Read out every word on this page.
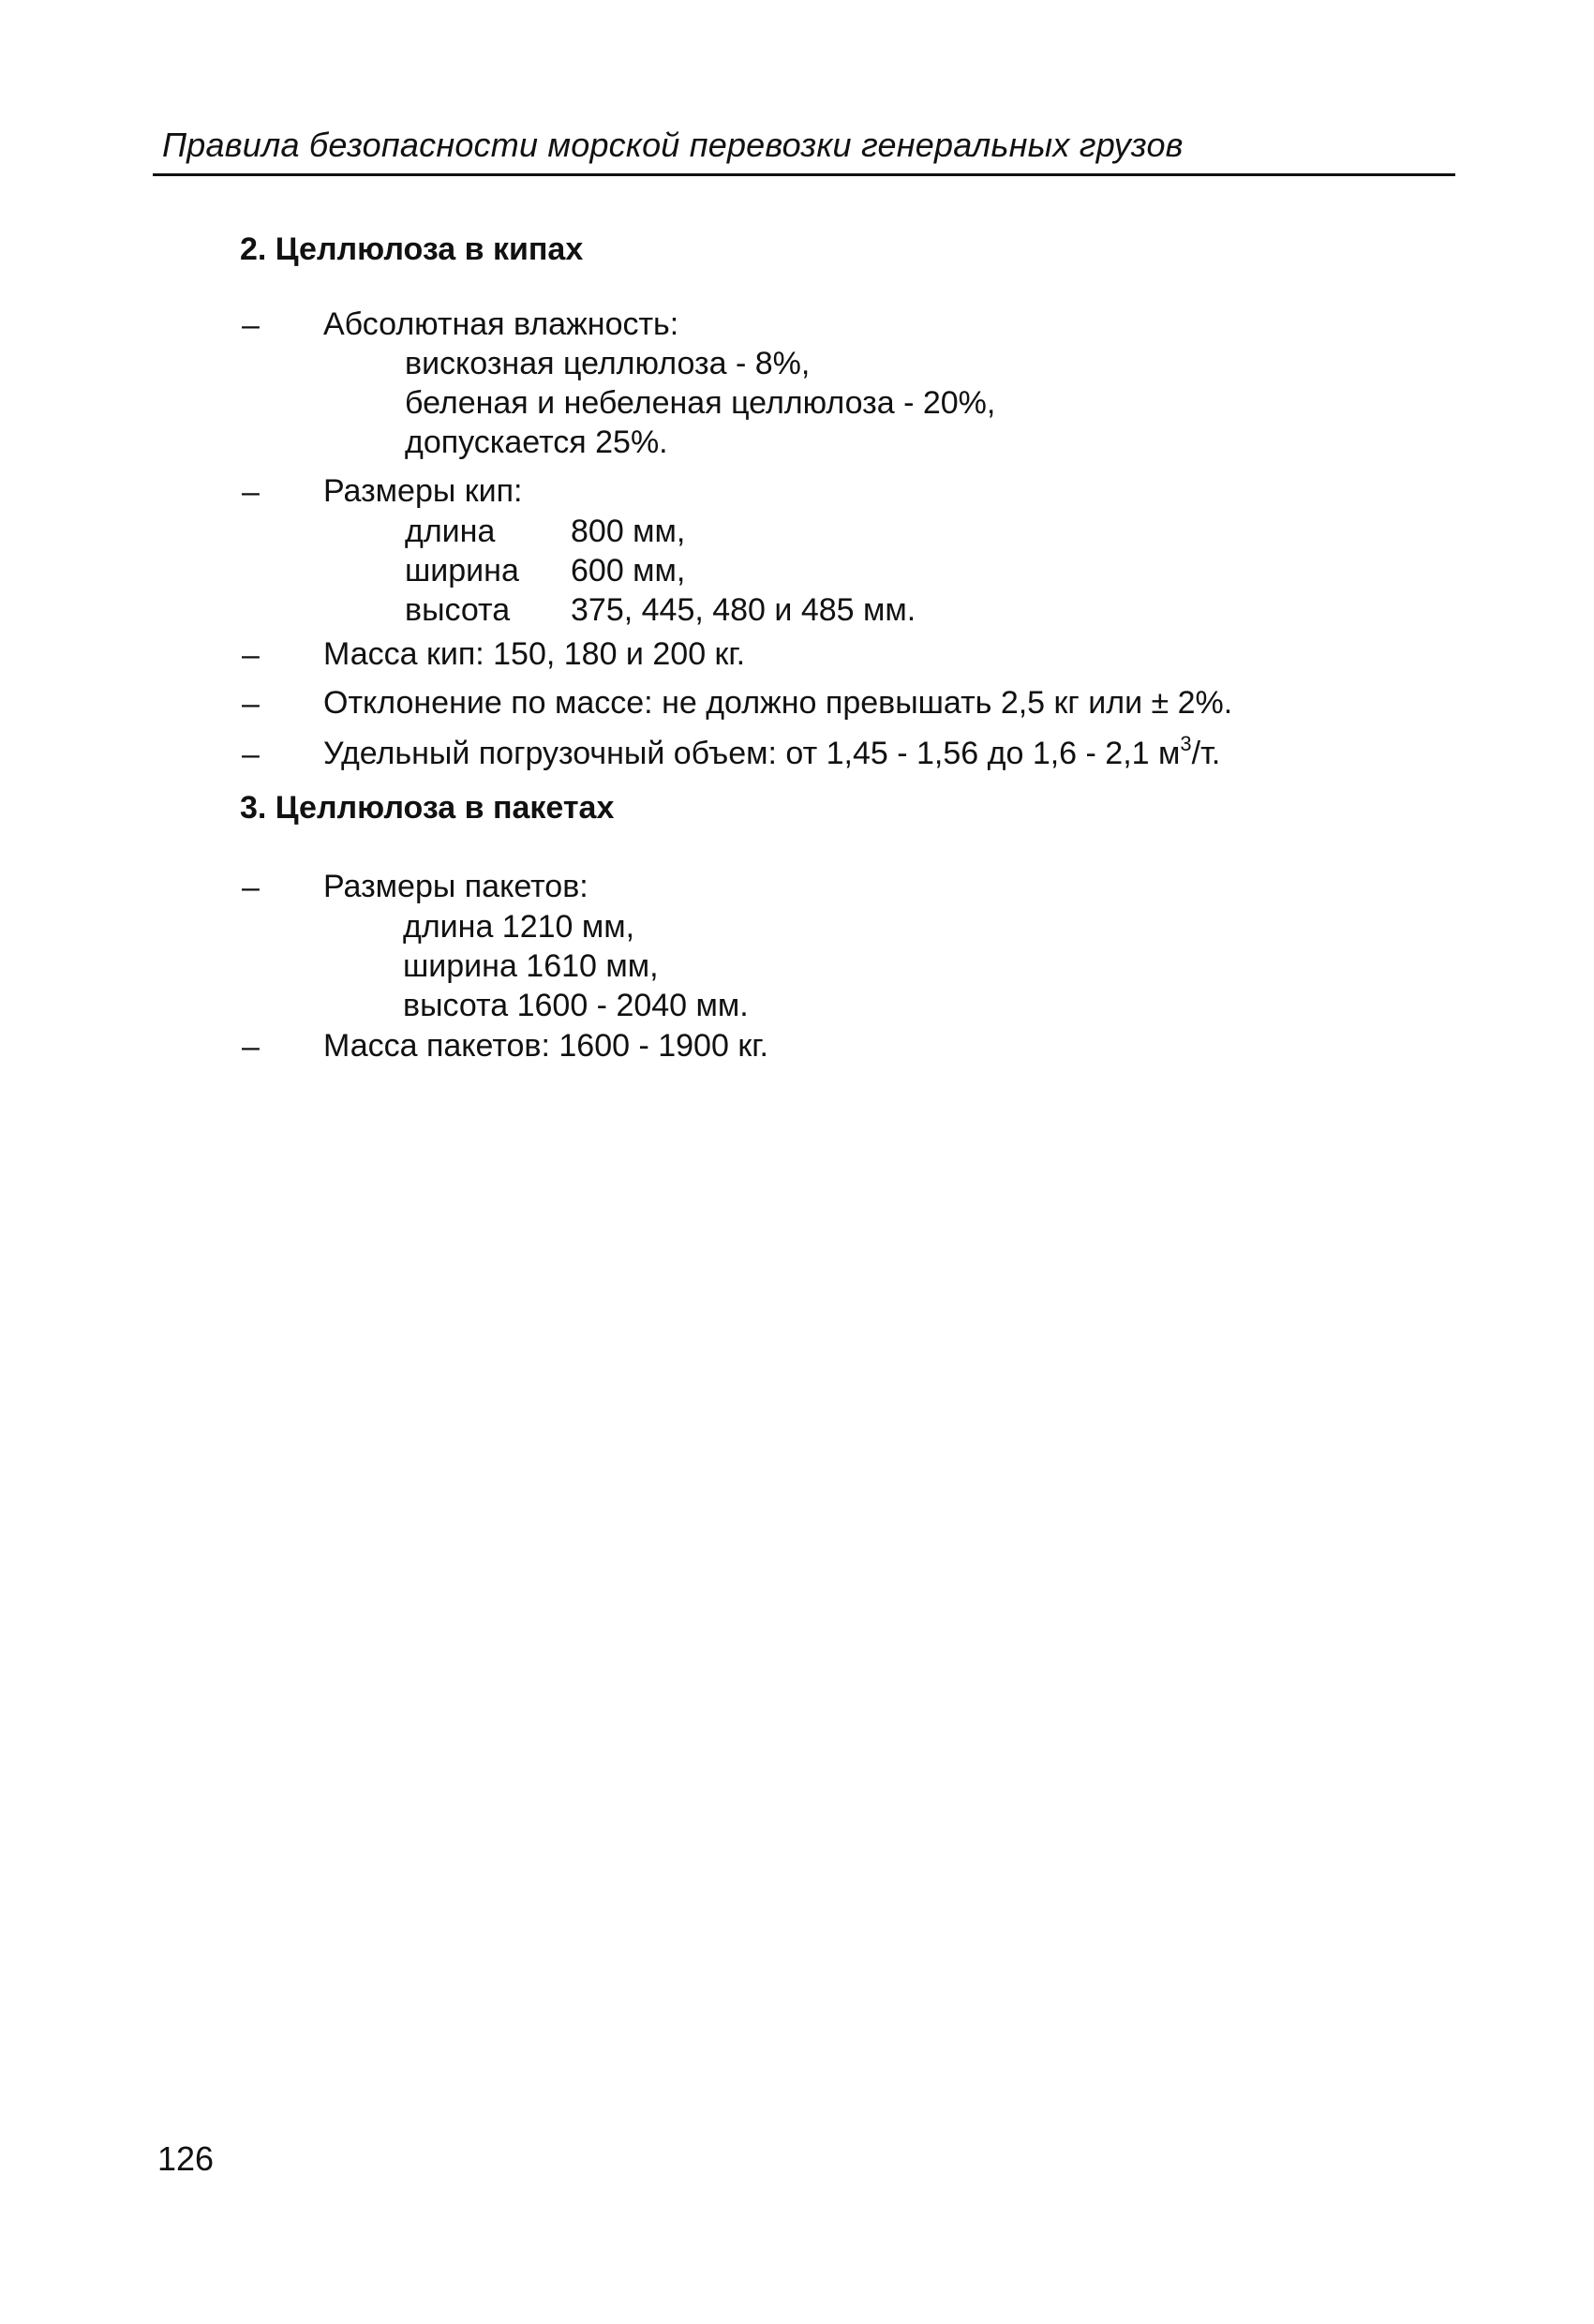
Правила безопасности морской перевозки генеральных грузов
2. Целлюлоза в кипах
– Абсолютная влажность:
вискозная целлюлоза - 8%,
беленая и небеленая целлюлоза - 20%,
допускается 25%.
– Размеры кип:
длина 800 мм,
ширина 600 мм,
высота 375, 445, 480 и 485 мм.
– Масса кип: 150, 180 и 200 кг.
– Отклонение по массе: не должно превышать 2,5 кг или ± 2%.
– Удельный погрузочный объем: от 1,45 - 1,56 до 1,6 - 2,1 $м^3/т$.
3. Целлюлоза в пакетах
– Размеры пакетов:
длина 1210 мм,
ширина 1610 мм,
высота 1600 - 2040 мм.
– Масса пакетов: 1600 - 1900 кг.
126
